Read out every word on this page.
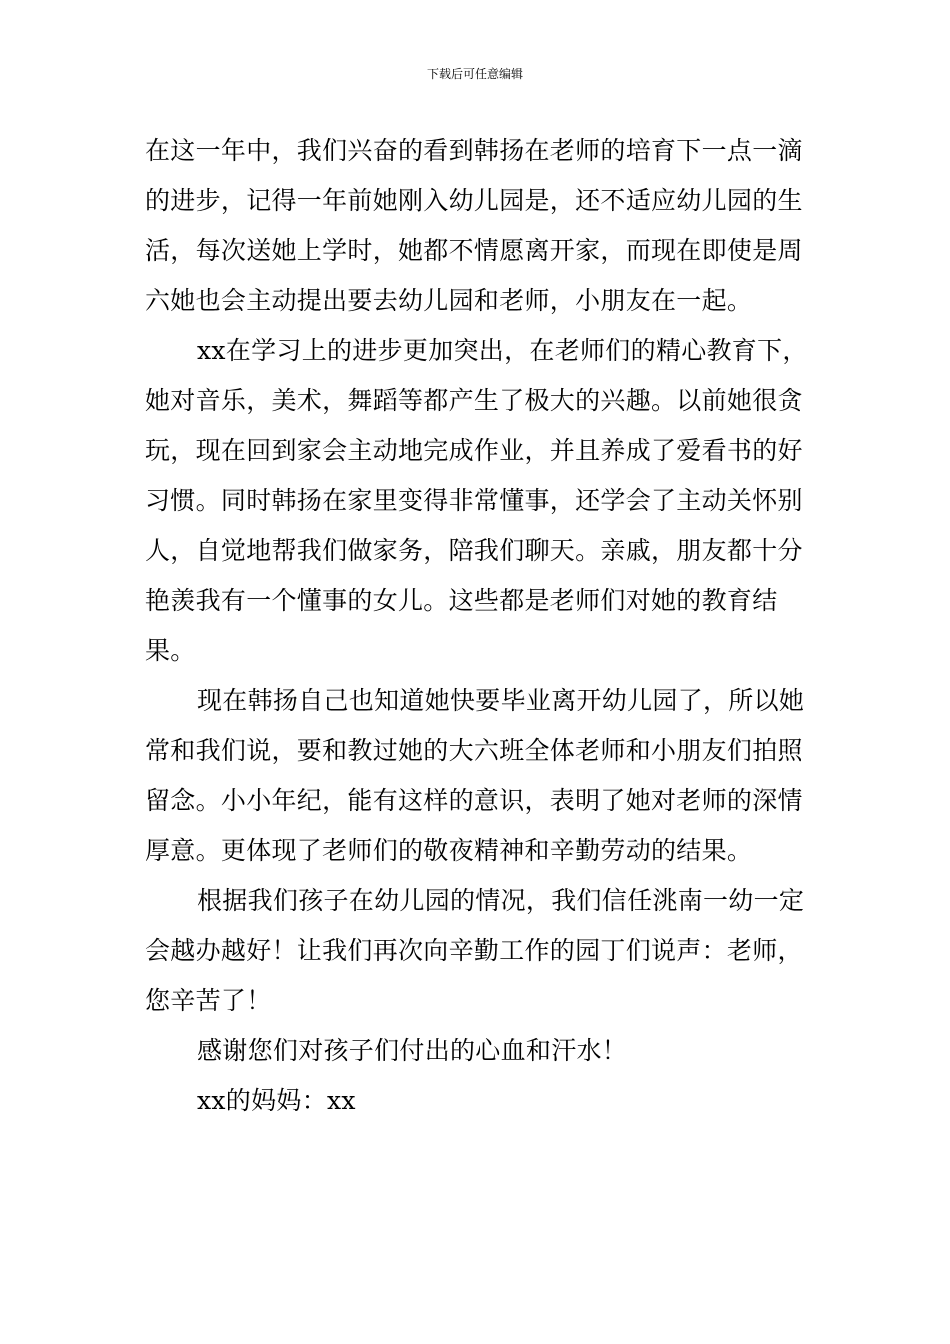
下载后可任意编辑

在这一年中，我们兴奋的看到韩扬在老师的培育下一点一滴的进步，记得一年前她刚入幼儿园是，还不适应幼儿园的生活，每次送她上学时，她都不情愿离开家，而现在即使是周六她也会主动提出要去幼儿园和老师，小朋友在一起。

xx在学习上的进步更加突出，在老师们的精心教育下，她对音乐，美术，舞蹈等都产生了极大的兴趣。以前她很贪玩，现在回到家会主动地完成作业，并且养成了爱看书的好习惯。同时韩扬在家里变得非常懂事，还学会了主动关怀别人，自觉地帮我们做家务，陪我们聊天。亲戚，朋友都十分艳羡我有一个懂事的女儿。这些都是老师们对她的教育结果。

现在韩扬自己也知道她快要毕业离开幼儿园了，所以她常和我们说，要和教过她的大六班全体老师和小朋友们拍照留念。小小年纪，能有这样的意识，表明了她对老师的深情厚意。更体现了老师们的敬夜精神和辛勤劳动的结果。

根据我们孩子在幼儿园的情况，我们信任洮南一幼一定会越办越好！让我们再次向辛勤工作的园丁们说声：老师，您辛苦了！

感谢您们对孩子们付出的心血和汗水！

xx的妈妈：xx
